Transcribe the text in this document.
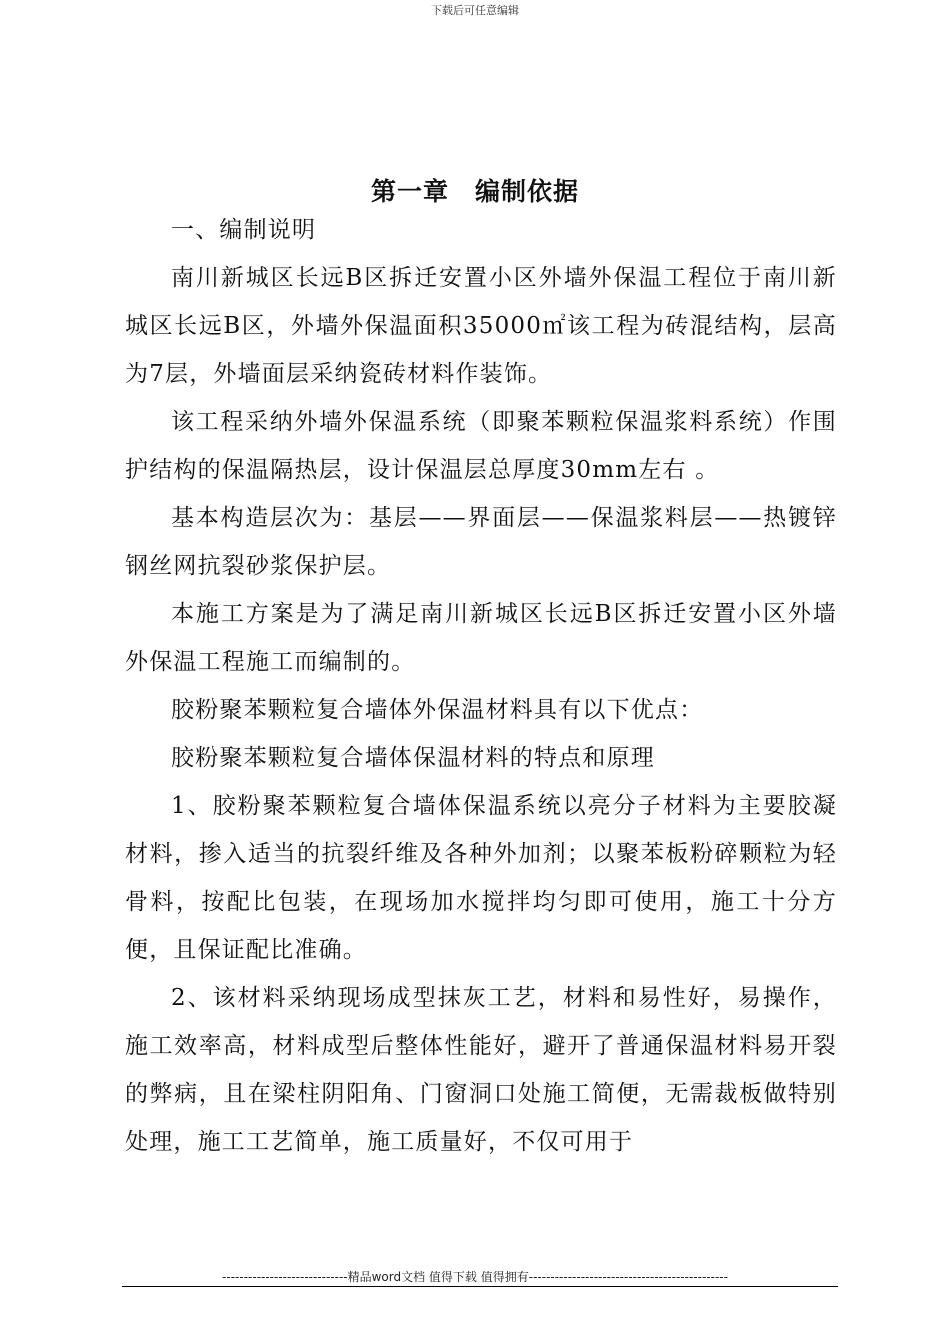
下载后可任意编辑
第一章　编制依据

一、编制说明

南川新城区长远B区拆迁安置小区外墙外保温工程位于南川新城区长远B区，外墙外保温面积35000㎡该工程为砖混结构，层高为7层，外墙面层采纳瓷砖材料作装饰。

该工程采纳外墙外保温系统（即聚苯颗粒保温浆料系统）作围护结构的保温隔热层，设计保温层总厚度30mm左右 。

基本构造层次为：基层——界面层——保温浆料层——热镀锌钢丝网抗裂砂浆保护层。

本施工方案是为了满足南川新城区长远B区拆迁安置小区外墙外保温工程施工而编制的。

胶粉聚苯颗粒复合墙体外保温材料具有以下优点：

胶粉聚苯颗粒复合墙体保温材料的特点和原理

1、胶粉聚苯颗粒复合墙体保温系统以亮分子材料为主要胶凝材料，掺入适当的抗裂纤维及各种外加剂；以聚苯板粉碎颗粒为轻骨料，按配比包装，在现场加水搅拌均匀即可使用，施工十分方便，且保证配比准确。

2、该材料采纳现场成型抹灰工艺，材料和易性好，易操作，施工效率高，材料成型后整体性能好，避开了普通保温材料易开裂的弊病，且在梁柱阴阳角、门窗洞口处施工简便，无需裁板做特别处理，施工工艺简单，施工质量好，不仅可用于

-----------------------------精品word文档 值得下载 值得拥有----------------------------------------------
